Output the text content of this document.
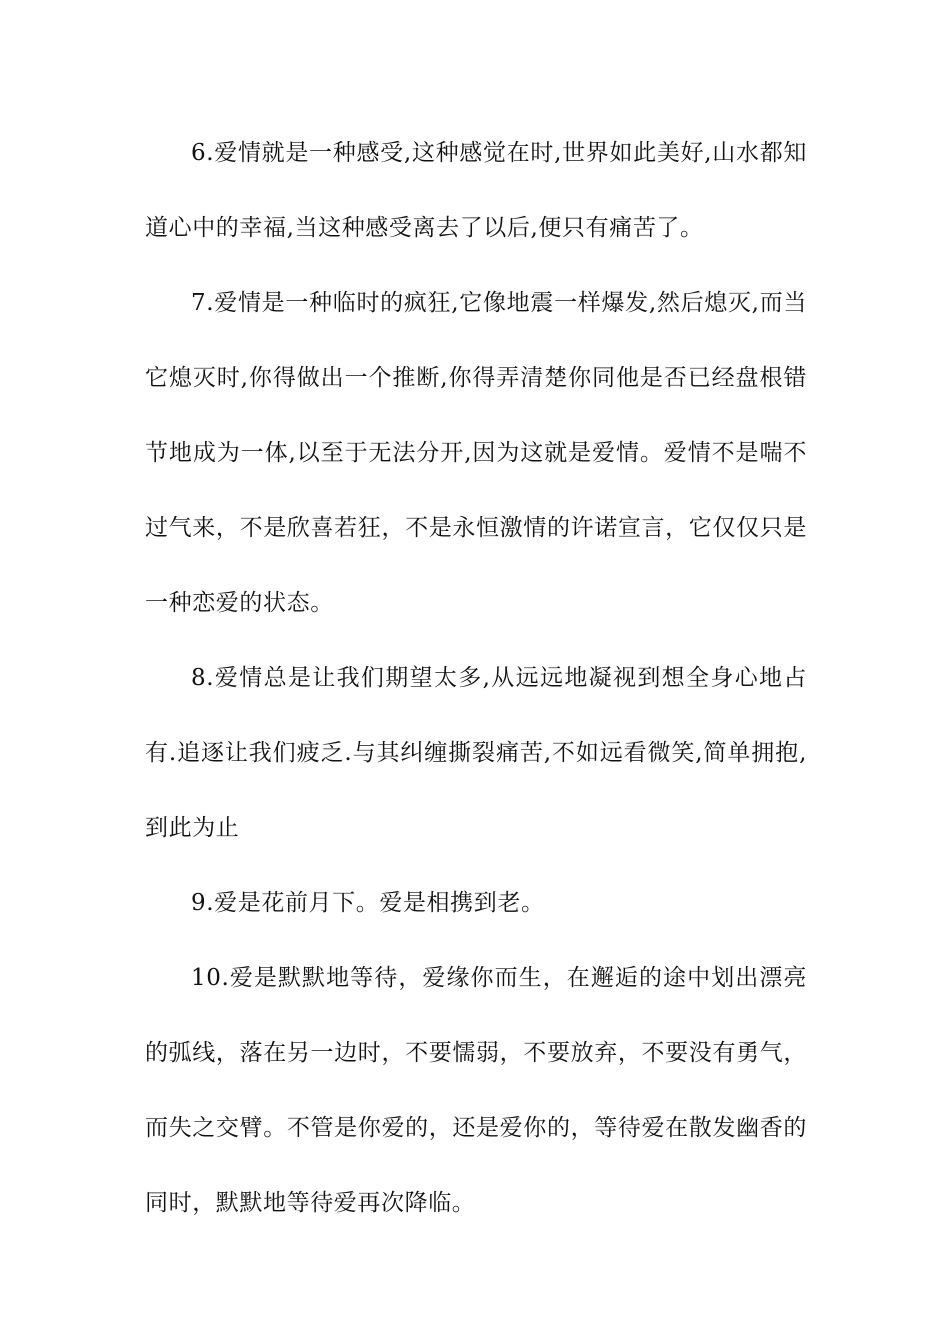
6.爱情就是一种感受,这种感觉在时,世界如此美好,山水都知道心中的幸福,当这种感受离去了以后,便只有痛苦了。

7.爱情是一种临时的疯狂,它像地震一样爆发,然后熄灭,而当它熄灭时,你得做出一个推断,你得弄清楚你同他是否已经盘根错节地成为一体,以至于无法分开,因为这就是爱情。爱情不是喘不过气来，不是欣喜若狂，不是永恒激情的许诺宣言，它仅仅只是一种恋爱的状态。

8.爱情总是让我们期望太多,从远远地凝视到想全身心地占有.追逐让我们疲乏.与其纠缠撕裂痛苦,不如远看微笑,简单拥抱,到此为止

9.爱是花前月下。爱是相携到老。

10.爱是默默地等待，爱缘你而生，在邂逅的途中划出漂亮的弧线，落在另一边时，不要懦弱，不要放弃，不要没有勇气，而失之交臂。不管是你爱的，还是爱你的，等待爱在散发幽香的同时，默默地等待爱再次降临。
